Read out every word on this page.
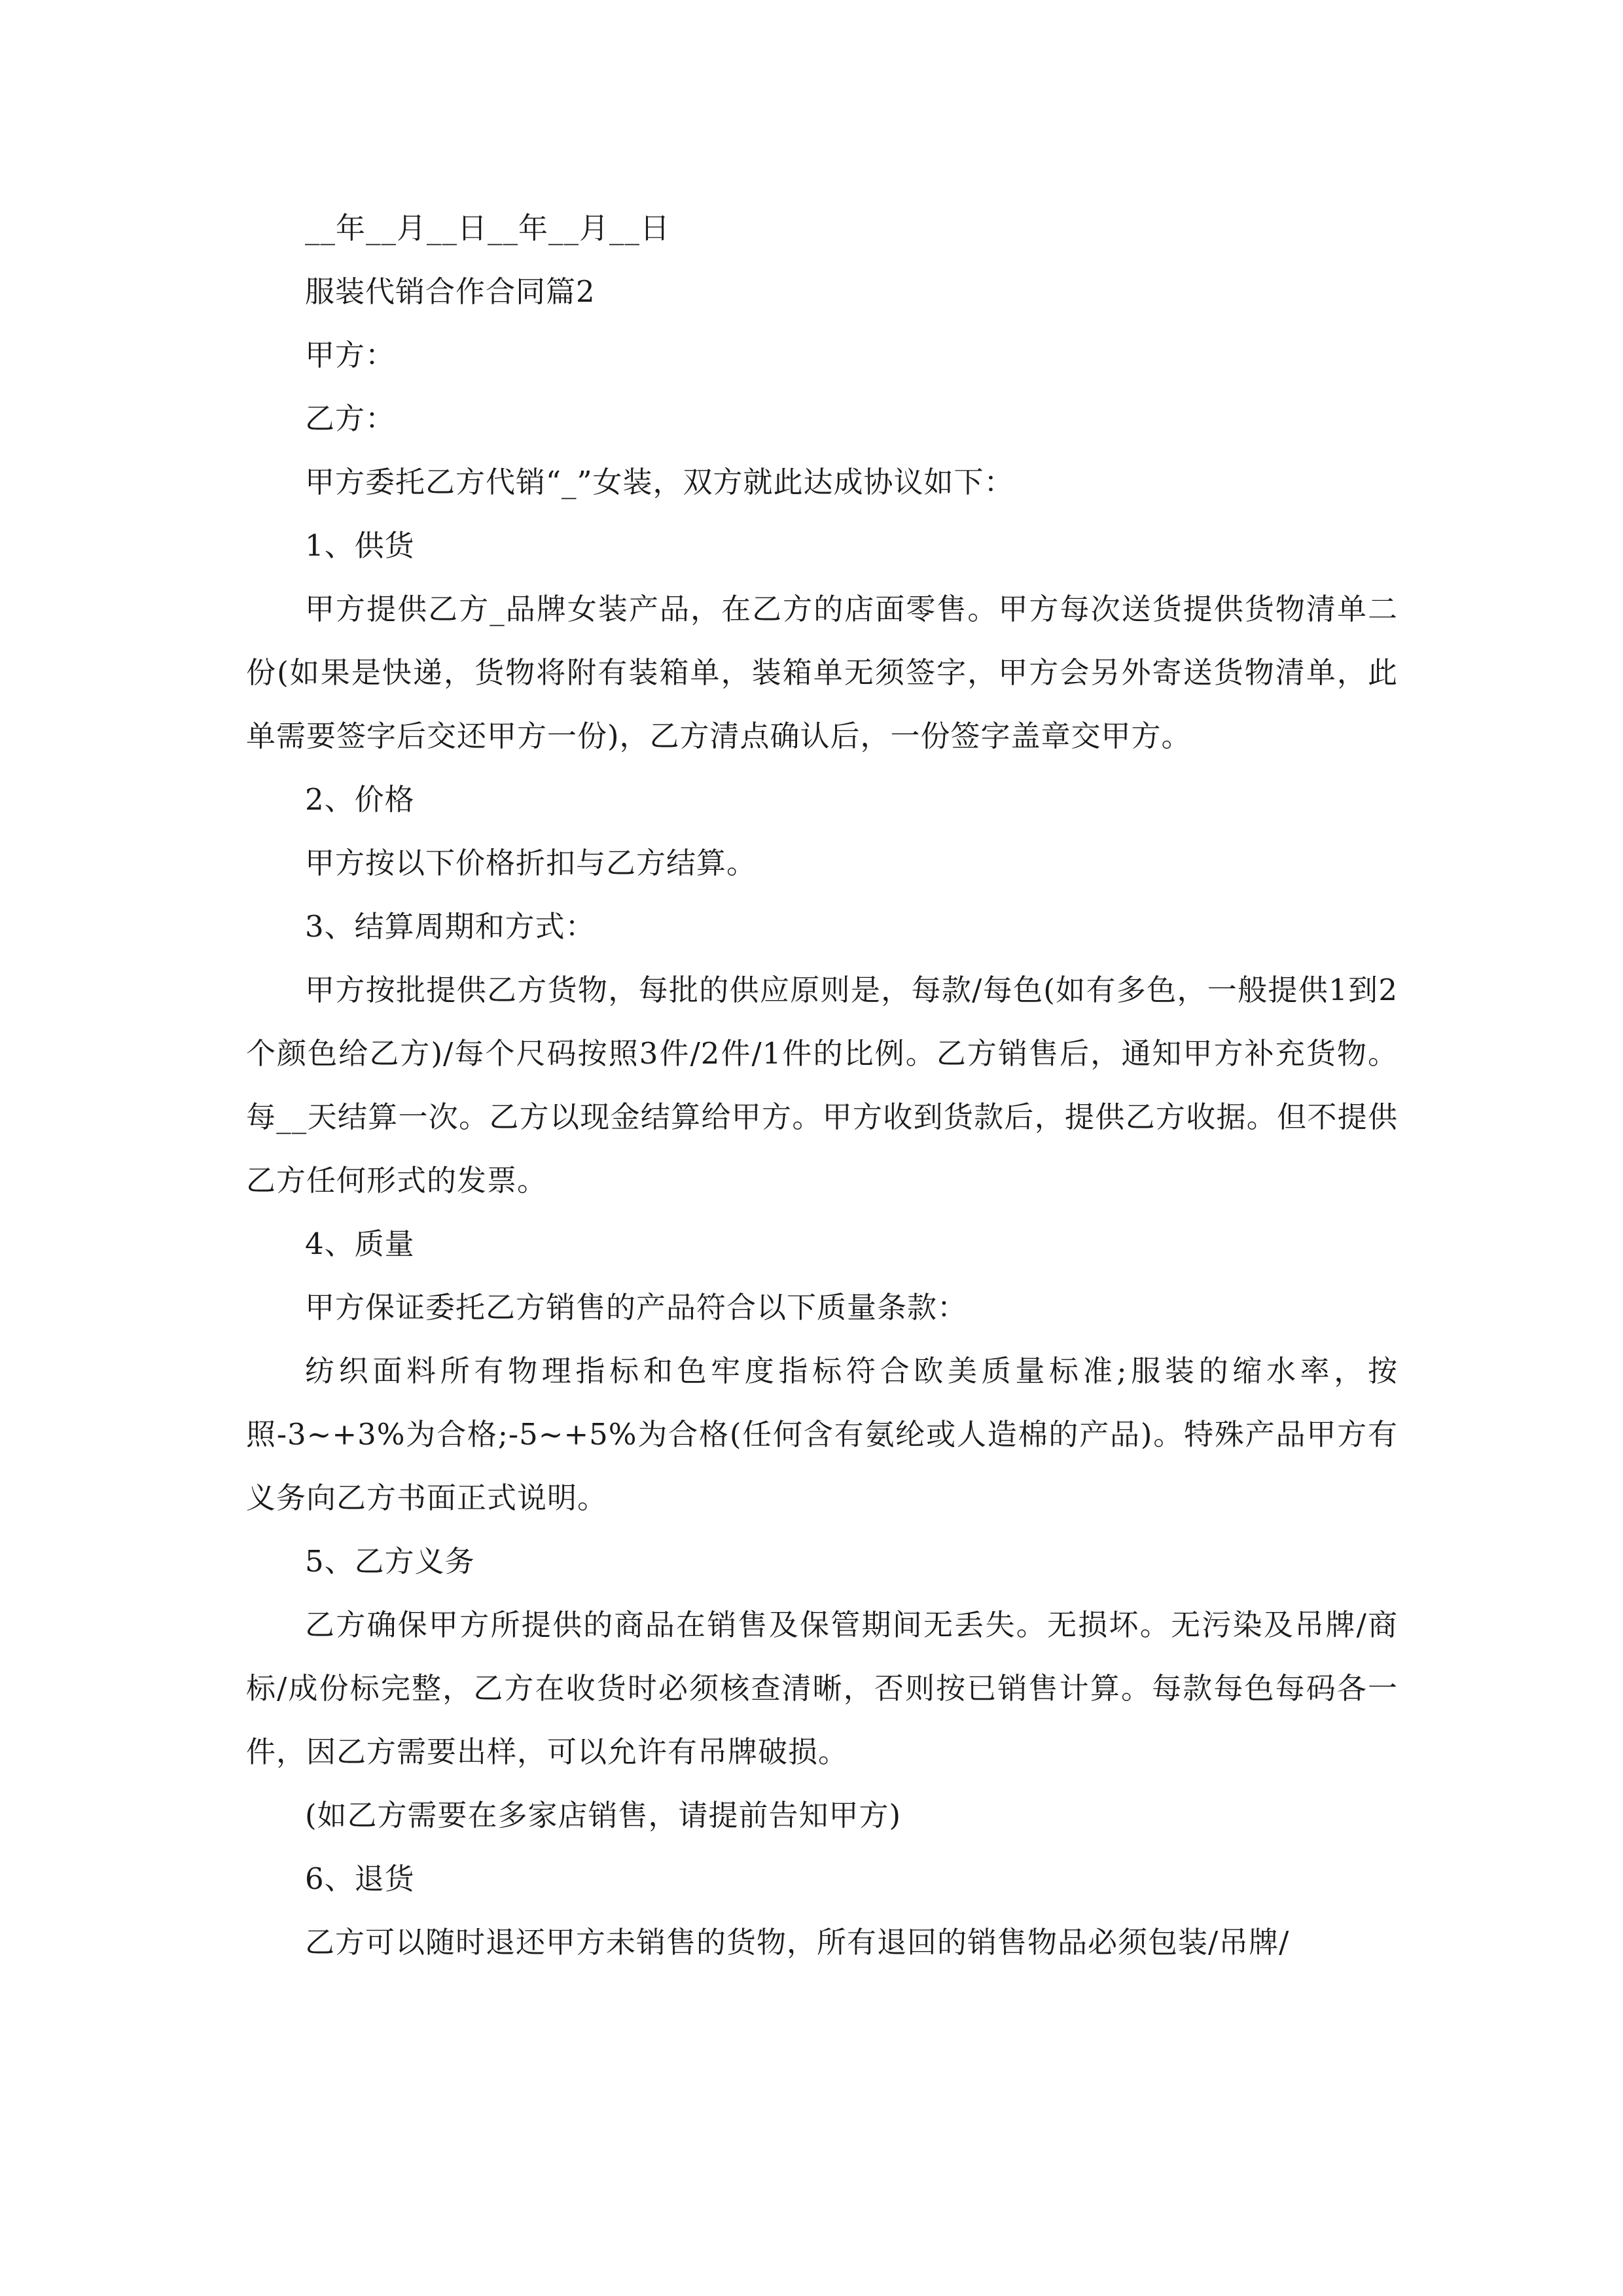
__年__月__日__年__月__日

服装代销合作合同篇2

甲方：

乙方：

甲方委托乙方代销“_”女装，双方就此达成协议如下：

1、供货

甲方提供乙方_品牌女装产品，在乙方的店面零售。甲方每次送货提供货物清单二份(如果是快递，货物将附有装箱单，装箱单无须签字，甲方会另外寄送货物清单，此单需要签字后交还甲方一份)，乙方清点确认后，一份签字盖章交甲方。

2、价格

甲方按以下价格折扣与乙方结算。

3、结算周期和方式：

甲方按批提供乙方货物，每批的供应原则是，每款/每色(如有多色，一般提供1到2个颜色给乙方)/每个尺码按照3件/2件/1件的比例。乙方销售后，通知甲方补充货物。每__天结算一次。乙方以现金结算给甲方。甲方收到货款后，提供乙方收据。但不提供乙方任何形式的发票。

4、质量

甲方保证委托乙方销售的产品符合以下质量条款：

纺织面料所有物理指标和色牢度指标符合欧美质量标准;服装的缩水率，按照-3~+3%为合格;-5~+5%为合格(任何含有氨纶或人造棉的产品)。特殊产品甲方有义务向乙方书面正式说明。

5、乙方义务

乙方确保甲方所提供的商品在销售及保管期间无丢失。无损坏。无污染及吊牌/商标/成份标完整，乙方在收货时必须核查清晰，否则按已销售计算。每款每色每码各一件，因乙方需要出样，可以允许有吊牌破损。

(如乙方需要在多家店销售，请提前告知甲方)

6、退货

乙方可以随时退还甲方未销售的货物，所有退回的销售物品必须包装/吊牌/
